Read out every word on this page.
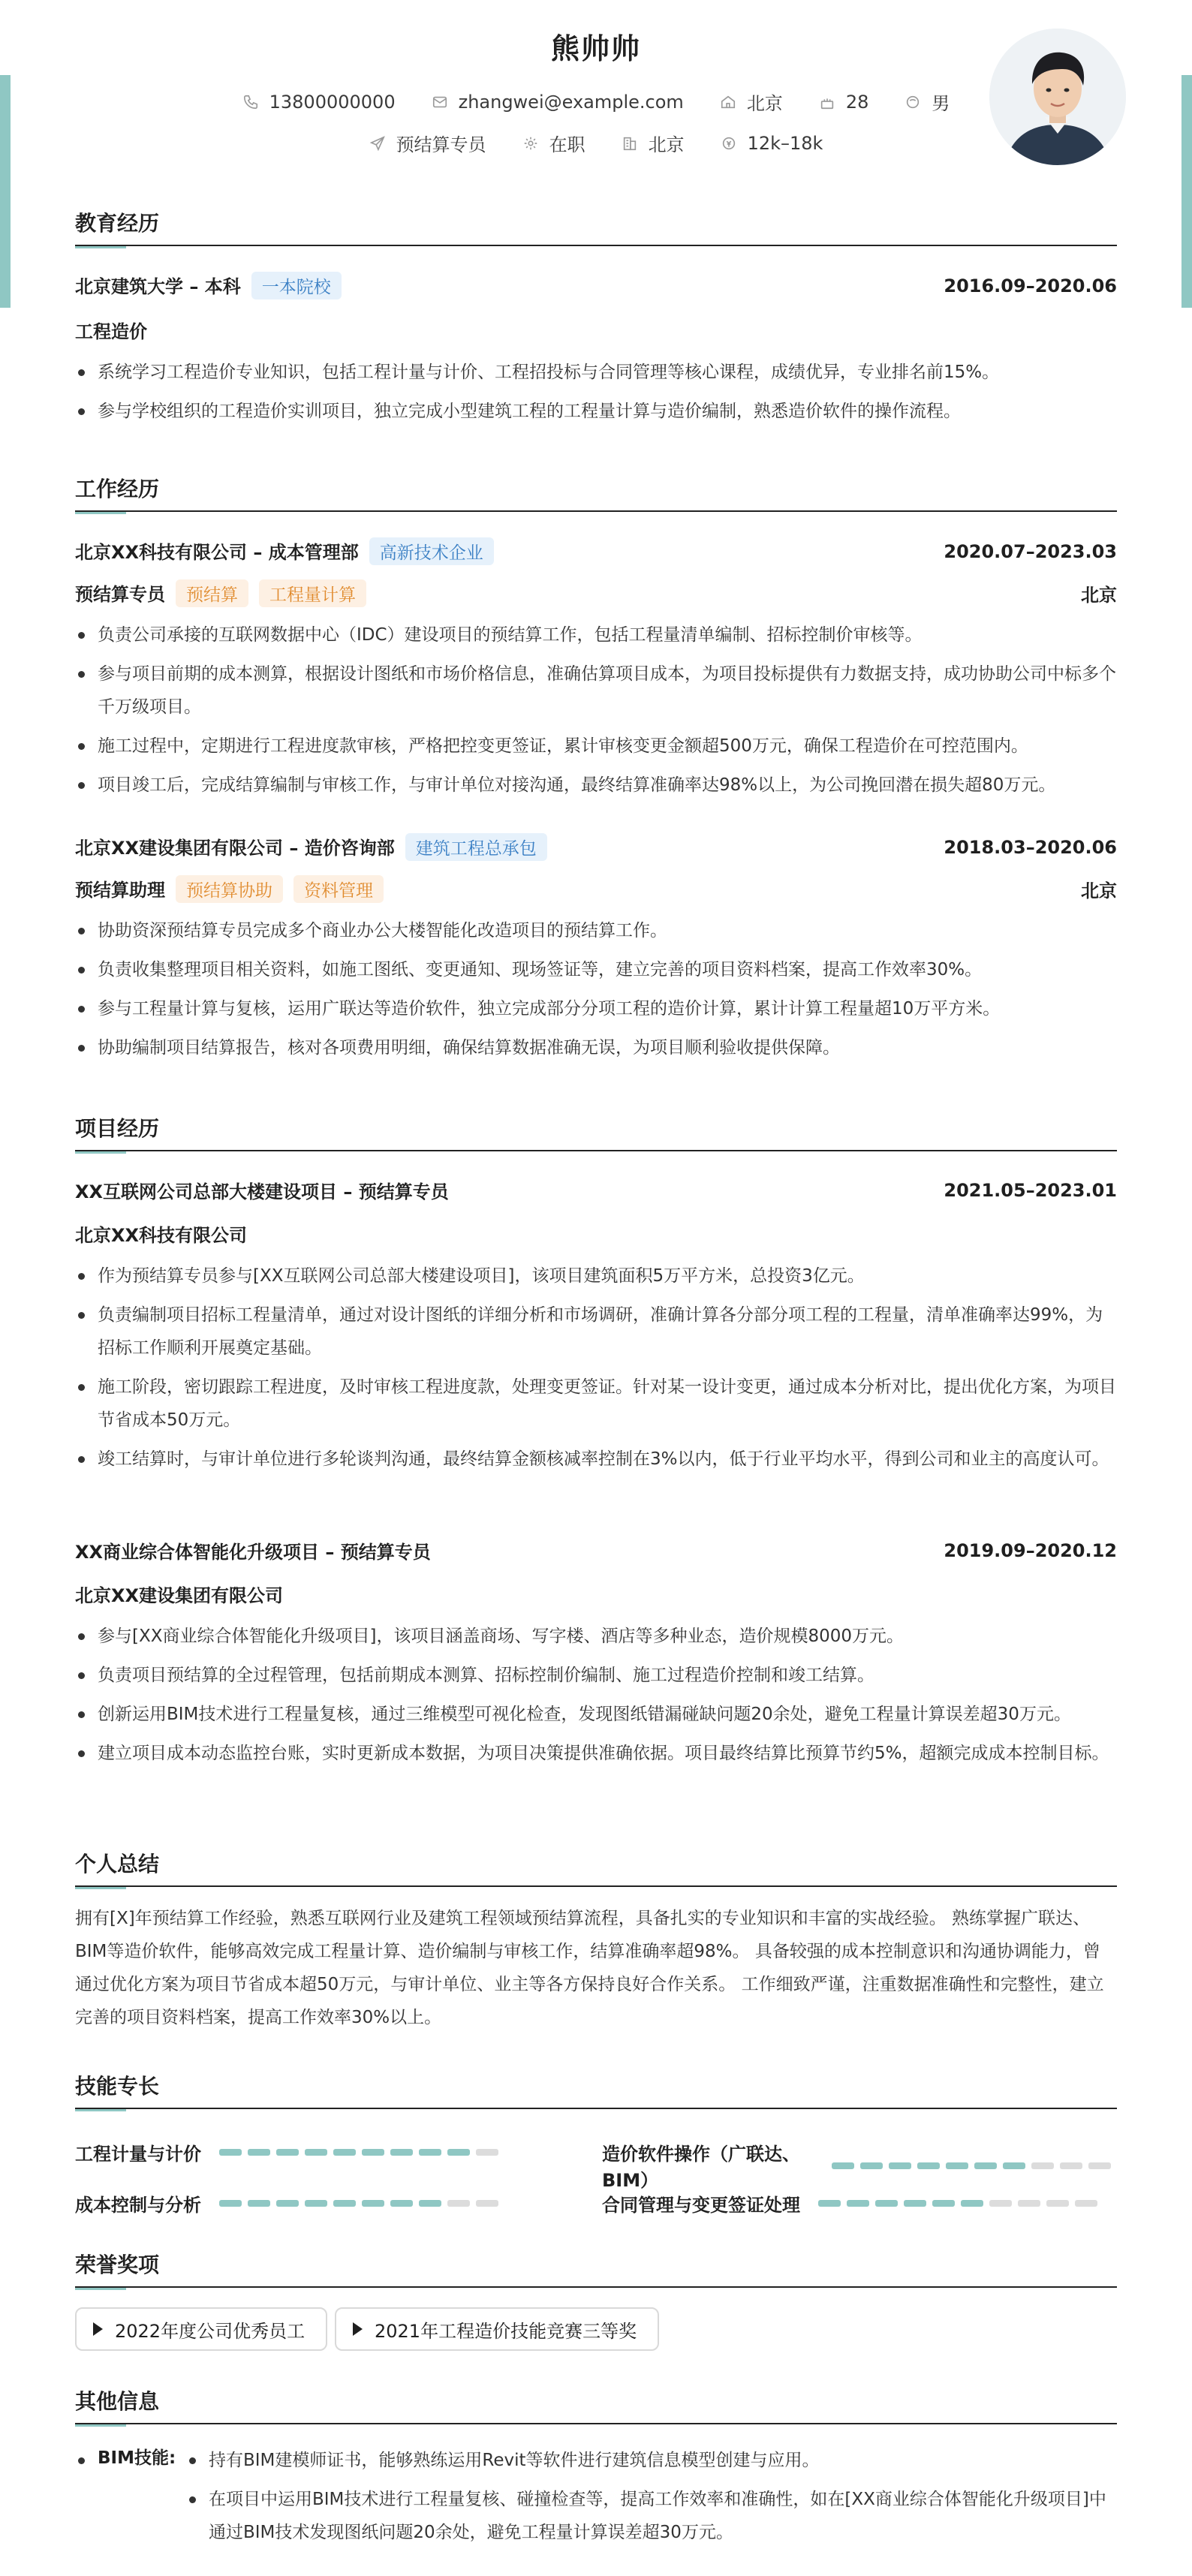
熊帅帅
13800000000	zhangwei@example.com	北京	28	男
预结算专员	在职	北京	12k–18k
教育经历
北京建筑大学 – 本科 一本院校	2016.09–2020.06
工程造价
系统学习工程造价专业知识，包括工程计量与计价、工程招投标与合同管理等核心课程，成绩优异，专业排名前15%。
参与学校组织的工程造价实训项目，独立完成小型建筑工程的工程量计算与造价编制，熟悉造价软件的操作流程。
工作经历
北京XX科技有限公司 – 成本管理部 高新技术企业	2020.07–2023.03
预结算专员 预结算 工程量计算	北京
负责公司承接的互联网数据中心（IDC）建设项目的预结算工作，包括工程量清单编制、招标控制价审核等。
参与项目前期的成本测算，根据设计图纸和市场价格信息，准确估算项目成本，为项目投标提供有力数据支持，成功协助公司中标多个千万级项目。
施工过程中，定期进行工程进度款审核，严格把控变更签证，累计审核变更金额超500万元，确保工程造价在可控范围内。
项目竣工后，完成结算编制与审核工作，与审计单位对接沟通，最终结算准确率达98%以上，为公司挽回潜在损失超80万元。
北京XX建设集团有限公司 – 造价咨询部 建筑工程总承包	2018.03–2020.06
预结算助理 预结算协助 资料管理	北京
协助资深预结算专员完成多个商业办公大楼智能化改造项目的预结算工作。
负责收集整理项目相关资料，如施工图纸、变更通知、现场签证等，建立完善的项目资料档案，提高工作效率30%。
参与工程量计算与复核，运用广联达等造价软件，独立完成部分分项工程的造价计算，累计计算工程量超10万平方米。
协助编制项目结算报告，核对各项费用明细，确保结算数据准确无误，为项目顺利验收提供保障。
项目经历
XX互联网公司总部大楼建设项目 – 预结算专员	2021.05–2023.01
北京XX科技有限公司
作为预结算专员参与[XX互联网公司总部大楼建设项目]，该项目建筑面积5万平方米，总投资3亿元。
负责编制项目招标工程量清单，通过对设计图纸的详细分析和市场调研，准确计算各分部分项工程的工程量，清单准确率达99%，为招标工作顺利开展奠定基础。
施工阶段，密切跟踪工程进度，及时审核工程进度款，处理变更签证。针对某一设计变更，通过成本分析对比，提出优化方案，为项目节省成本50万元。
竣工结算时，与审计单位进行多轮谈判沟通，最终结算金额核减率控制在3%以内，低于行业平均水平，得到公司和业主的高度认可。
XX商业综合体智能化升级项目 – 预结算专员	2019.09–2020.12
北京XX建设集团有限公司
参与[XX商业综合体智能化升级项目]，该项目涵盖商场、写字楼、酒店等多种业态，造价规模8000万元。
负责项目预结算的全过程管理，包括前期成本测算、招标控制价编制、施工过程造价控制和竣工结算。
创新运用BIM技术进行工程量复核，通过三维模型可视化检查，发现图纸错漏碰缺问题20余处，避免工程量计算误差超30万元。
建立项目成本动态监控台账，实时更新成本数据，为项目决策提供准确依据。项目最终结算比预算节约5%，超额完成成本控制目标。
个人总结
拥有[X]年预结算工作经验，熟悉互联网行业及建筑工程领域预结算流程，具备扎实的专业知识和丰富的实战经验。 熟练掌握广联达、BIM等造价软件，能够高效完成工程量计算、造价编制与审核工作，结算准确率超98%。 具备较强的成本控制意识和沟通协调能力，曾通过优化方案为项目节省成本超50万元，与审计单位、业主等各方保持良好合作关系。 工作细致严谨，注重数据准确性和完整性，建立完善的项目资料档案，提高工作效率30%以上。
技能专长
工程计量与计价	造价软件操作（广联达、BIM）
成本控制与分析	合同管理与变更签证处理
荣誉奖项
2022年度公司优秀员工	2021年工程造价技能竞赛三等奖
其他信息
BIM技能:	持有BIM建模师证书，能够熟练运用Revit等软件进行建筑信息模型创建与应用。
在项目中运用BIM技术进行工程量复核、碰撞检查等，提高工作效率和准确性，如在[XX商业综合体智能化升级项目]中通过BIM技术发现图纸问题20余处，避免工程量计算误差超30万元。
